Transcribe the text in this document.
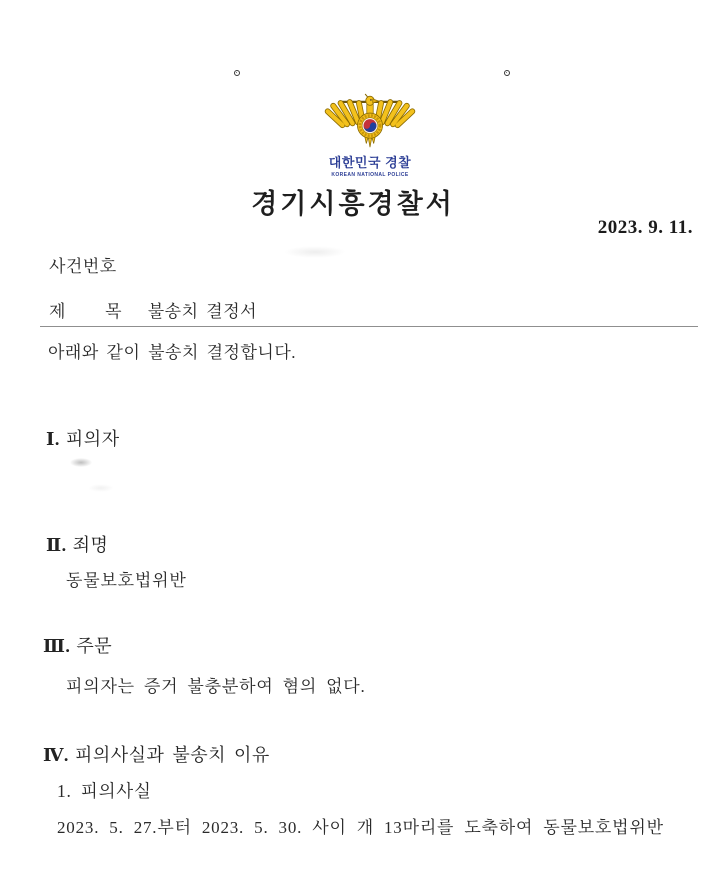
대한민국 경찰
KOREAN NATIONAL POLICE
경기시흥경찰서
2023. 9. 11.
사건번호
제 목 불송치 결정서
아래와 같이 불송치 결정합니다.
Ⅰ. 피의자
Ⅱ. 죄명
동물보호법위반
Ⅲ. 주문
피의자는 증거 불충분하여 혐의 없다.
Ⅳ. 피의사실과 불송치 이유
1. 피의사실
2023. 5. 27.부터 2023. 5. 30. 사이 개 13마리를 도축하여 동물보호법위반
